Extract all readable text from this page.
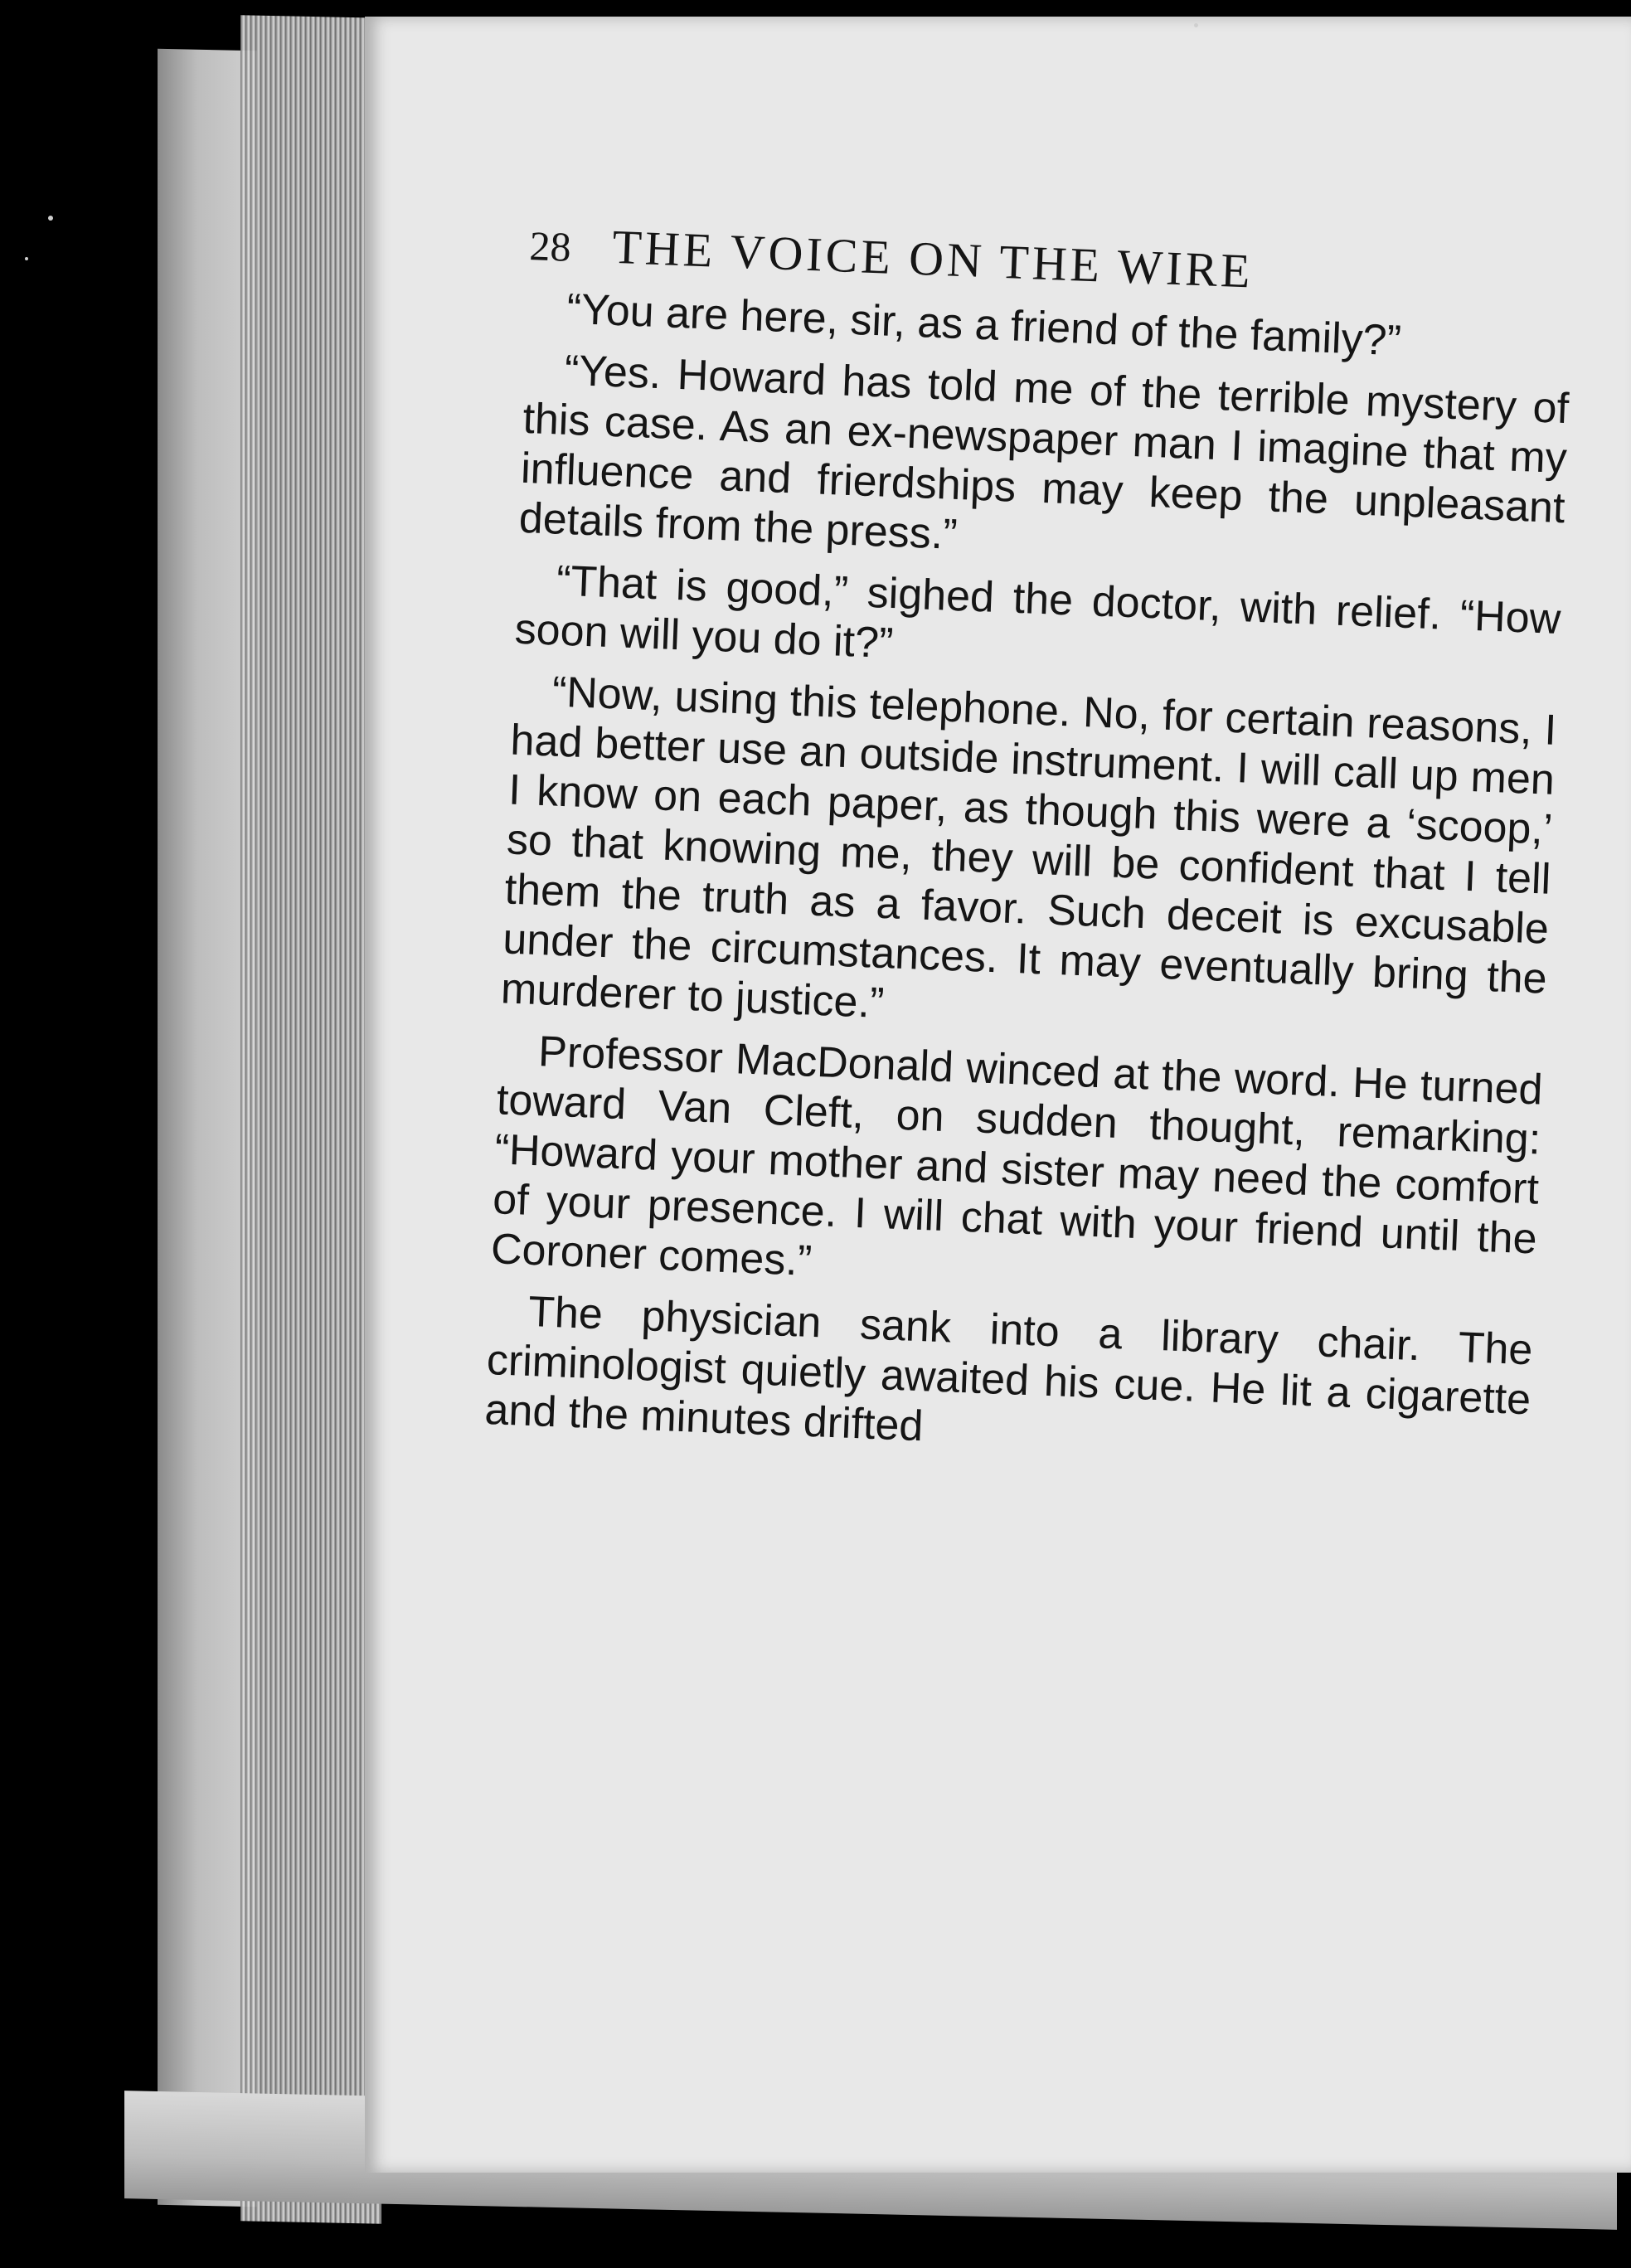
28 THE VOICE ON THE WIRE

“You are here, sir, as a friend of the family?”

“Yes. Howard has told me of the terrible mystery of this case. As an ex-newspaper man I imagine that my influence and frierdships may keep the unpleasant details from the press.”

“That is good,” sighed the doctor, with relief. “How soon will you do it?”

“Now, using this telephone. No, for certain reasons, I had better use an outside instrument. I will call up men I know on each paper, as though this were a ‘scoop,’ so that knowing me, they will be confident that I tell them the truth as a favor. Such deceit is excusable under the circumstances. It may eventually bring the murderer to justice.”

Professor MacDonald winced at the word. He turned toward Van Cleft, on sudden thought, remarking: “Howard your mother and sister may need the comfort of your presence. I will chat with your friend until the Coroner comes.”

The physician sank into a library chair. The criminologist quietly awaited his cue. He lit a cigarette and the minutes drifted
